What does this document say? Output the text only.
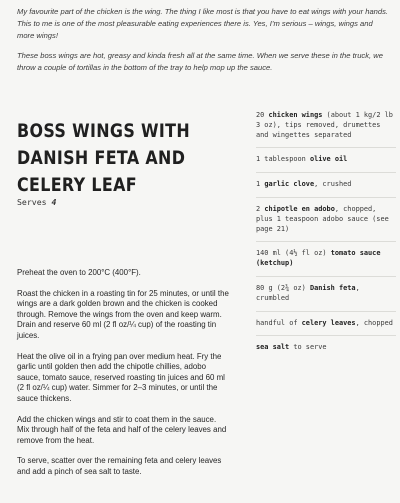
My favourite part of the chicken is the wing. The thing I like most is that you have to eat wings with your hands. This to me is one of the most pleasurable eating experiences there is. Yes, I’m serious – wings, wings and more wings!

These boss wings are hot, greasy and kinda fresh all at the same time. When we serve these in the truck, we throw a couple of tortillas in the bottom of the tray to help mop up the sauce.

BOSS WINGS WITH DANISH FETA AND CELERY LEAF
Serves 4

Preheat the oven to 200°C (400°F).

Roast the chicken in a roasting tin for 25 minutes, or until the wings are a dark golden brown and the chicken is cooked through. Remove the wings from the oven and keep warm. Drain and reserve 60 ml (2 fl oz/¼ cup) of the roasting tin juices.

Heat the olive oil in a frying pan over medium heat. Fry the garlic until golden then add the chipotle chillies, adobo sauce, tomato sauce, reserved roasting tin juices and 60 ml (2 fl oz/¼ cup) water. Simmer for 2–3 minutes, or until the sauce thickens.

Add the chicken wings and stir to coat them in the sauce. Mix through half of the feta and half of the celery leaves and remove from the heat.

To serve, scatter over the remaining feta and celery leaves and add a pinch of sea salt to taste.

20 chicken wings (about 1 kg/2 lb 3 oz), tips removed, drumettes and wingettes separated
1 tablespoon olive oil
1 garlic clove, crushed
2 chipotle en adobo, chopped, plus 1 teaspoon adobo sauce (see page 21)
140 ml (4½ fl oz) tomato sauce (ketchup)
80 g (2¾ oz) Danish feta, crumbled
handful of celery leaves, chopped
sea salt to serve
